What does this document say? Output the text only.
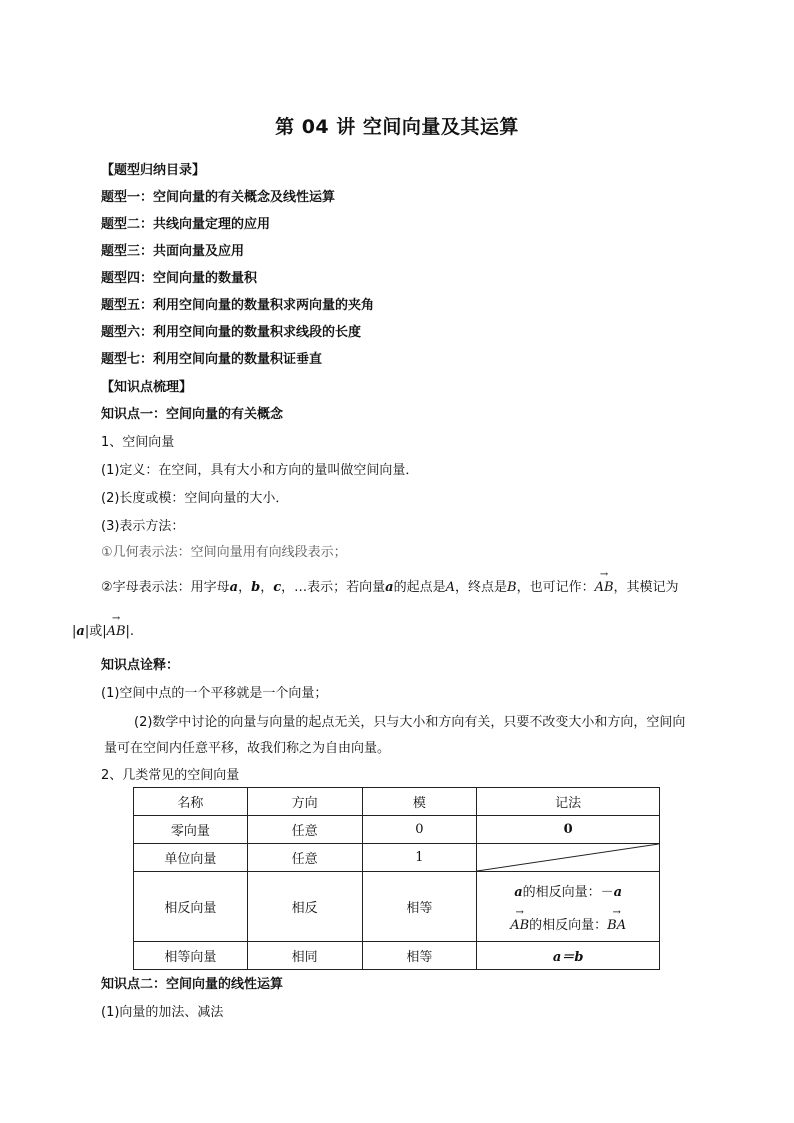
第 04 讲 空间向量及其运算
【题型归纳目录】
题型一：空间向量的有关概念及线性运算
题型二：共线向量定理的应用
题型三：共面向量及应用
题型四：空间向量的数量积
题型五：利用空间向量的数量积求两向量的夹角
题型六：利用空间向量的数量积求线段的长度
题型七：利用空间向量的数量积证垂直
【知识点梳理】
知识点一：空间向量的有关概念
1、空间向量
(1)定义：在空间，具有大小和方向的量叫做空间向量．
(2)长度或模：空间向量的大小．
(3)表示方法：
①几何表示法：空间向量用有向线段表示；
②字母表示法：用字母a，b，c，…表示；若向量a的起点是A，终点是B，也可记作：→ AB，其模记为
|a|或|→ AB|.
知识点诠释：
(1)空间中点的一个平移就是一个向量；
(2)数学中讨论的向量与向量的起点无关，只与大小和方向有关，只要不改变大小和方向，空间向
量可在空间内任意平移，故我们称之为自由向量。
2、几类常见的空间向量
名称	方向	模	记法
零向量	任意	0	0
单位向量	任意	1	

相反向量	相反	相等	a的相反向量：－a
→ AB的相反向量：→ BA

相等向量	相同	相等	a＝b
知识点二：空间向量的线性运算
(1)向量的加法、减法
